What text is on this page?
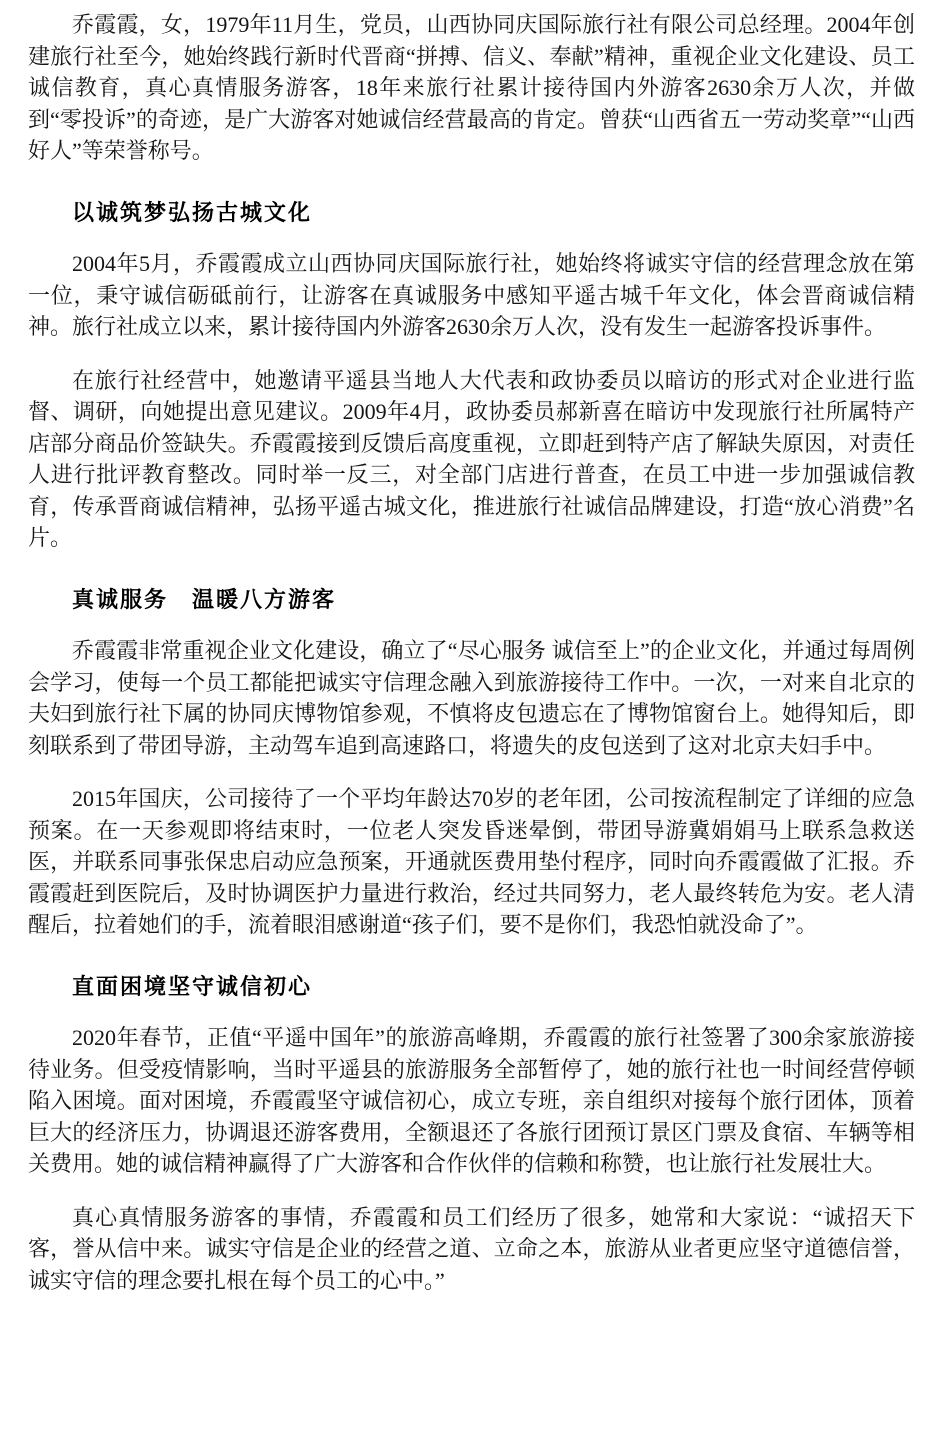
乔霞霞，女，1979年11月生，党员，山西协同庆国际旅行社有限公司总经理。2004年创建旅行社至今，她始终践行新时代晋商“拼搏、信义、奉献”精神，重视企业文化建设、员工诚信教育，真心真情服务游客，18年来旅行社累计接待国内外游客2630余万人次，并做到“零投诉”的奇迹，是广大游客对她诚信经营最高的肯定。曾获“山西省五一劳动奖章”“山西好人”等荣誉称号。

以诚筑梦弘扬古城文化

2004年5月，乔霞霞成立山西协同庆国际旅行社，她始终将诚实守信的经营理念放在第一位，秉守诚信砺砥前行，让游客在真诚服务中感知平遥古城千年文化，体会晋商诚信精神。旅行社成立以来，累计接待国内外游客2630余万人次，没有发生一起游客投诉事件。

在旅行社经营中，她邀请平遥县当地人大代表和政协委员以暗访的形式对企业进行监督、调研，向她提出意见建议。2009年4月，政协委员郝新喜在暗访中发现旅行社所属特产店部分商品价签缺失。乔霞霞接到反馈后高度重视，立即赶到特产店了解缺失原因，对责任人进行批评教育整改。同时举一反三，对全部门店进行普查，在员工中进一步加强诚信教育，传承晋商诚信精神，弘扬平遥古城文化，推进旅行社诚信品牌建设，打造“放心消费”名片。

真诚服务　温暖八方游客

乔霞霞非常重视企业文化建设，确立了“尽心服务 诚信至上”的企业文化，并通过每周例会学习，使每一个员工都能把诚实守信理念融入到旅游接待工作中。一次，一对来自北京的夫妇到旅行社下属的协同庆博物馆参观，不慎将皮包遗忘在了博物馆窗台上。她得知后，即刻联系到了带团导游，主动驾车追到高速路口，将遗失的皮包送到了这对北京夫妇手中。

2015年国庆，公司接待了一个平均年龄达70岁的老年团，公司按流程制定了详细的应急预案。在一天参观即将结束时，一位老人突发昏迷晕倒，带团导游冀娟娟马上联系急救送医，并联系同事张保忠启动应急预案，开通就医费用垫付程序，同时向乔霞霞做了汇报。乔霞霞赶到医院后，及时协调医护力量进行救治，经过共同努力，老人最终转危为安。老人清醒后，拉着她们的手，流着眼泪感谢道“孩子们，要不是你们，我恐怕就没命了”。

直面困境坚守诚信初心

2020年春节，正值“平遥中国年”的旅游高峰期，乔霞霞的旅行社签署了300余家旅游接待业务。但受疫情影响，当时平遥县的旅游服务全部暂停了，她的旅行社也一时间经营停顿陷入困境。面对困境，乔霞霞坚守诚信初心，成立专班，亲自组织对接每个旅行团体，顶着巨大的经济压力，协调退还游客费用，全额退还了各旅行团预订景区门票及食宿、车辆等相关费用。她的诚信精神赢得了广大游客和合作伙伴的信赖和称赞，也让旅行社发展壮大。

真心真情服务游客的事情，乔霞霞和员工们经历了很多，她常和大家说：“诚招天下客，誉从信中来。诚实守信是企业的经营之道、立命之本，旅游从业者更应坚守道德信誉，诚实守信的理念要扎根在每个员工的心中。”
